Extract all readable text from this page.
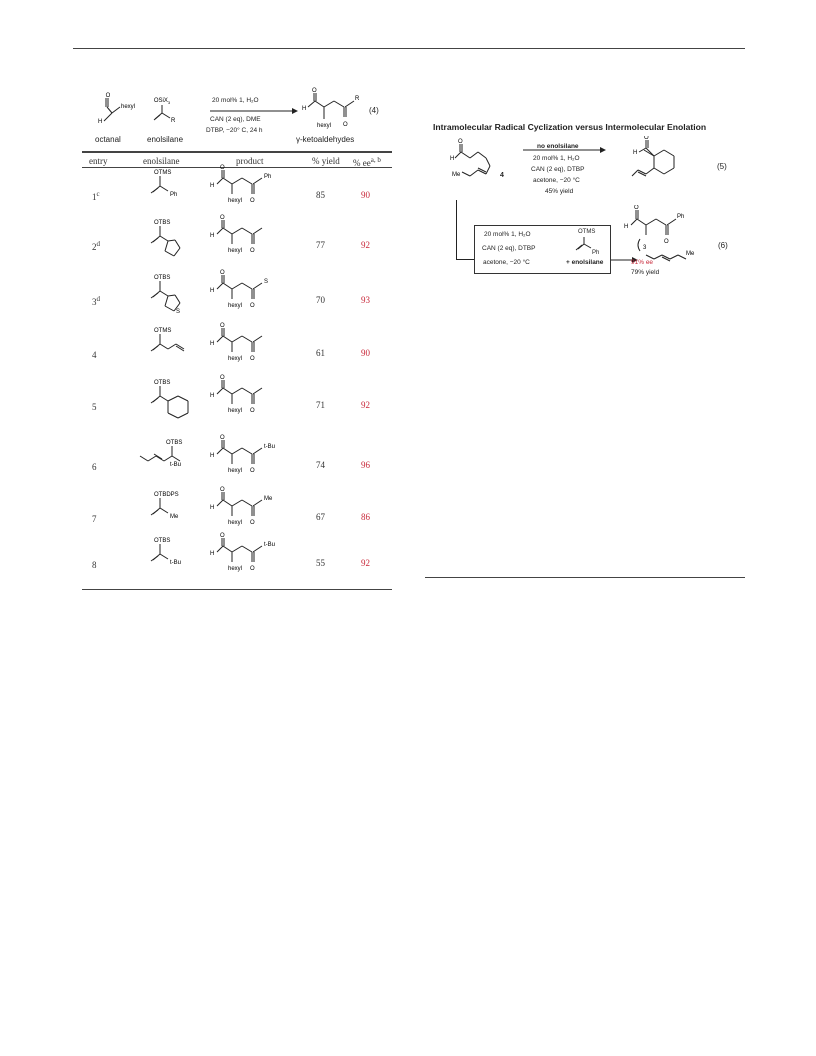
O
H
hexyl
OSiX$_3$
R
O
H
hexyl O
R
20 mol% 1, H₂O
CAN (2 eq), DME
DTBP, −20° C, 24 h
(4)
octanal	enolsilane	γ-ketoaldehydes
entry	enolsilane	product	% yield % ee$^{a, b}$
Intramolecular Radical Cyclization versus Intermolecular Enolation
O
H
Me
O
H
4
no enolsilane
20 mol% 1, H₂O
CAN (2 eq), DTBP
acetone, −20 °C
45% yield
(5)
20 mol% 1, H₂O
CAN (2 eq), DTBP
acetone, −20 °C
OTMS
Ph
+ enolsilane
O
H
O
Ph
3
Me
91% ee
79% yield
(6)
1$^c$	85	90
OTMS
Ph
O
H
hexyl O
Ph
2$^d$	77	92
OTBS
O
H
hexyl O
3$^d$	70	93
OTBS
S
O
H
hexyl O
S
4	61	90
OTMS
O
H
hexyl O
5	71	92
OTBS
O
H
hexyl O
6	74	96
OTBS
t-Bu
O
H
hexyl O
t-Bu
7	67	86
OTBDPS
Me
O
H
hexyl O
Me
8	55	92
OTBS
t-Bu
O
H
hexyl O
t-Bu
